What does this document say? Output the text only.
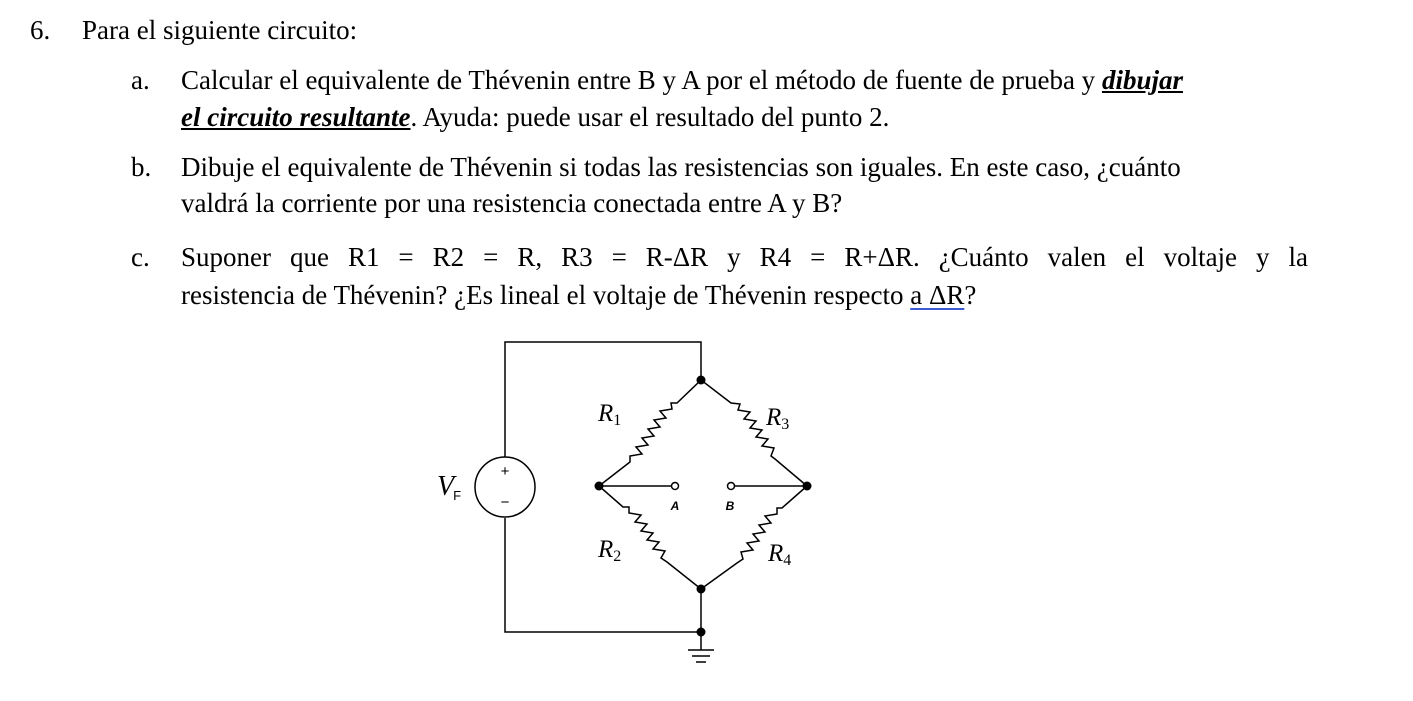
6. Para el siguiente circuito:
a. Calcular el equivalente de Thévenin entre B y A por el método de fuente de prueba y dibujar
el circuito resultante. Ayuda: puede usar el resultado del punto 2.
b. Dibuje el equivalente de Thévenin si todas las resistencias son iguales. En este caso, ¿cuánto
valdrá la corriente por una resistencia conectada entre A y B?
c. Suponer que R1 = R2 = R, R3 = R-ΔR y R4 = R+ΔR. ¿Cuánto valen el voltaje y la
resistencia de Thévenin? ¿Es lineal el voltaje de Thévenin respecto a ΔR?
+
−
VF
R1	R3
R2	R4
A	B
